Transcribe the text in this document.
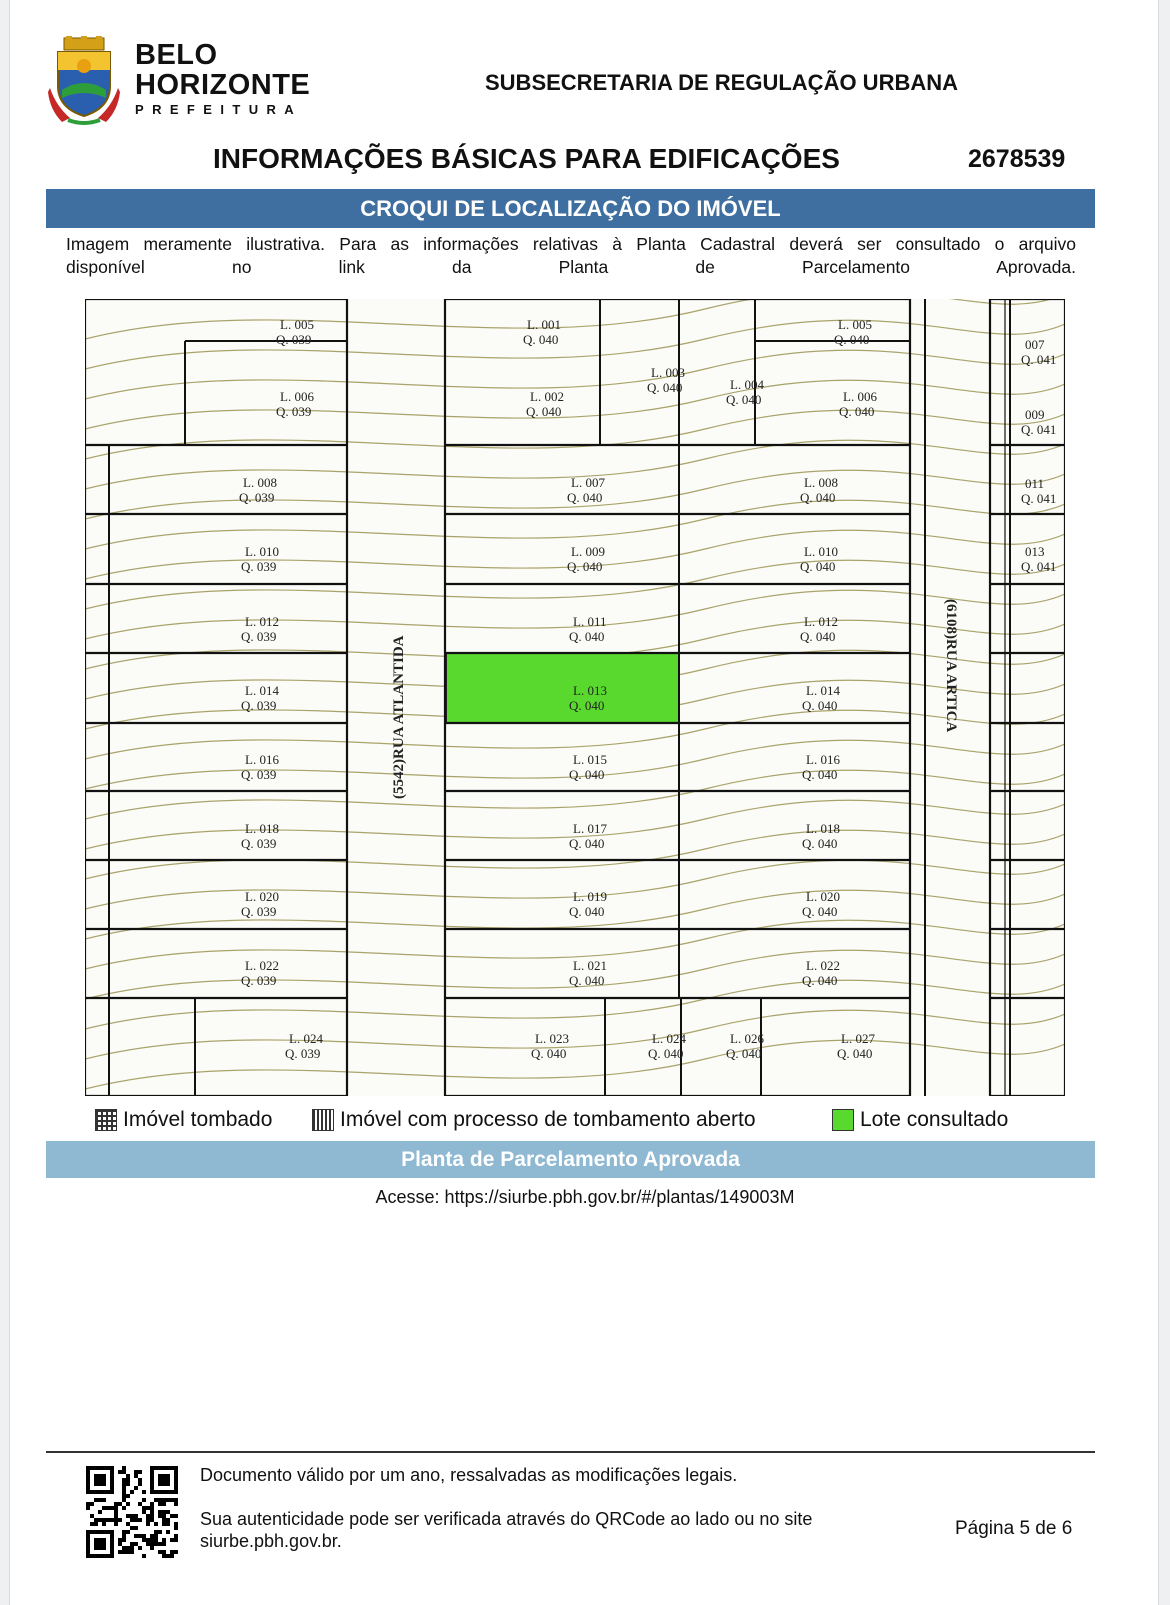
BELO
HORIZONTE
PREFEITURA
SUBSECRETARIA DE REGULAÇÃO URBANA
INFORMAÇÕES BÁSICAS PARA EDIFICAÇÕES	2678539
CROQUI DE LOCALIZAÇÃO DO IMÓVEL
Imagem meramente ilustrativa. Para as informações relativas à Planta Cadastral deverá ser consultado o arquivo
disponível no link da Planta de Parcelamento Aprovada.
L. 005
Q. 039
L. 006
Q. 039
L. 008
Q. 039
L. 010
Q. 039
L. 012
Q. 039
L. 014
Q. 039
L. 016
Q. 039
L. 018
Q. 039
L. 020
Q. 039
L. 022
Q. 039
L. 024
Q. 039
L. 001
Q. 040
L. 002
Q. 040
L. 003
Q. 040	L. 004
Q. 040
L. 005
Q. 040
L. 006
Q. 040
L. 007
Q. 040
L. 008
Q. 040
L. 009
Q. 040
L. 010
Q. 040
L. 011
Q. 040
L. 012
Q. 040
L. 013
Q. 040
L. 014
Q. 040
L. 015
Q. 040
L. 016
Q. 040
L. 017
Q. 040
L. 018
Q. 040
L. 019
Q. 040
L. 020
Q. 040
L. 021
Q. 040
L. 022
Q. 040
L. 023
Q. 040
L. 024
Q. 040
L. 026
Q. 040
L. 027
Q. 040
007
Q. 041
009
Q. 041
011
Q. 041
013
Q. 041
(5542)RUA ATLANTIDA	(6108)RUA ARTICA
Imóvel tombado	Imóvel com processo de tombamento aberto	Lote consultado
Planta de Parcelamento Aprovada
Acesse: https://siurbe.pbh.gov.br/#/plantas/149003M
Documento válido por um ano, ressalvadas as modificações legais.
Sua autenticidade pode ser verificada através do QRCode ao lado ou no site
siurbe.pbh.gov.br.
Página 5 de 6
